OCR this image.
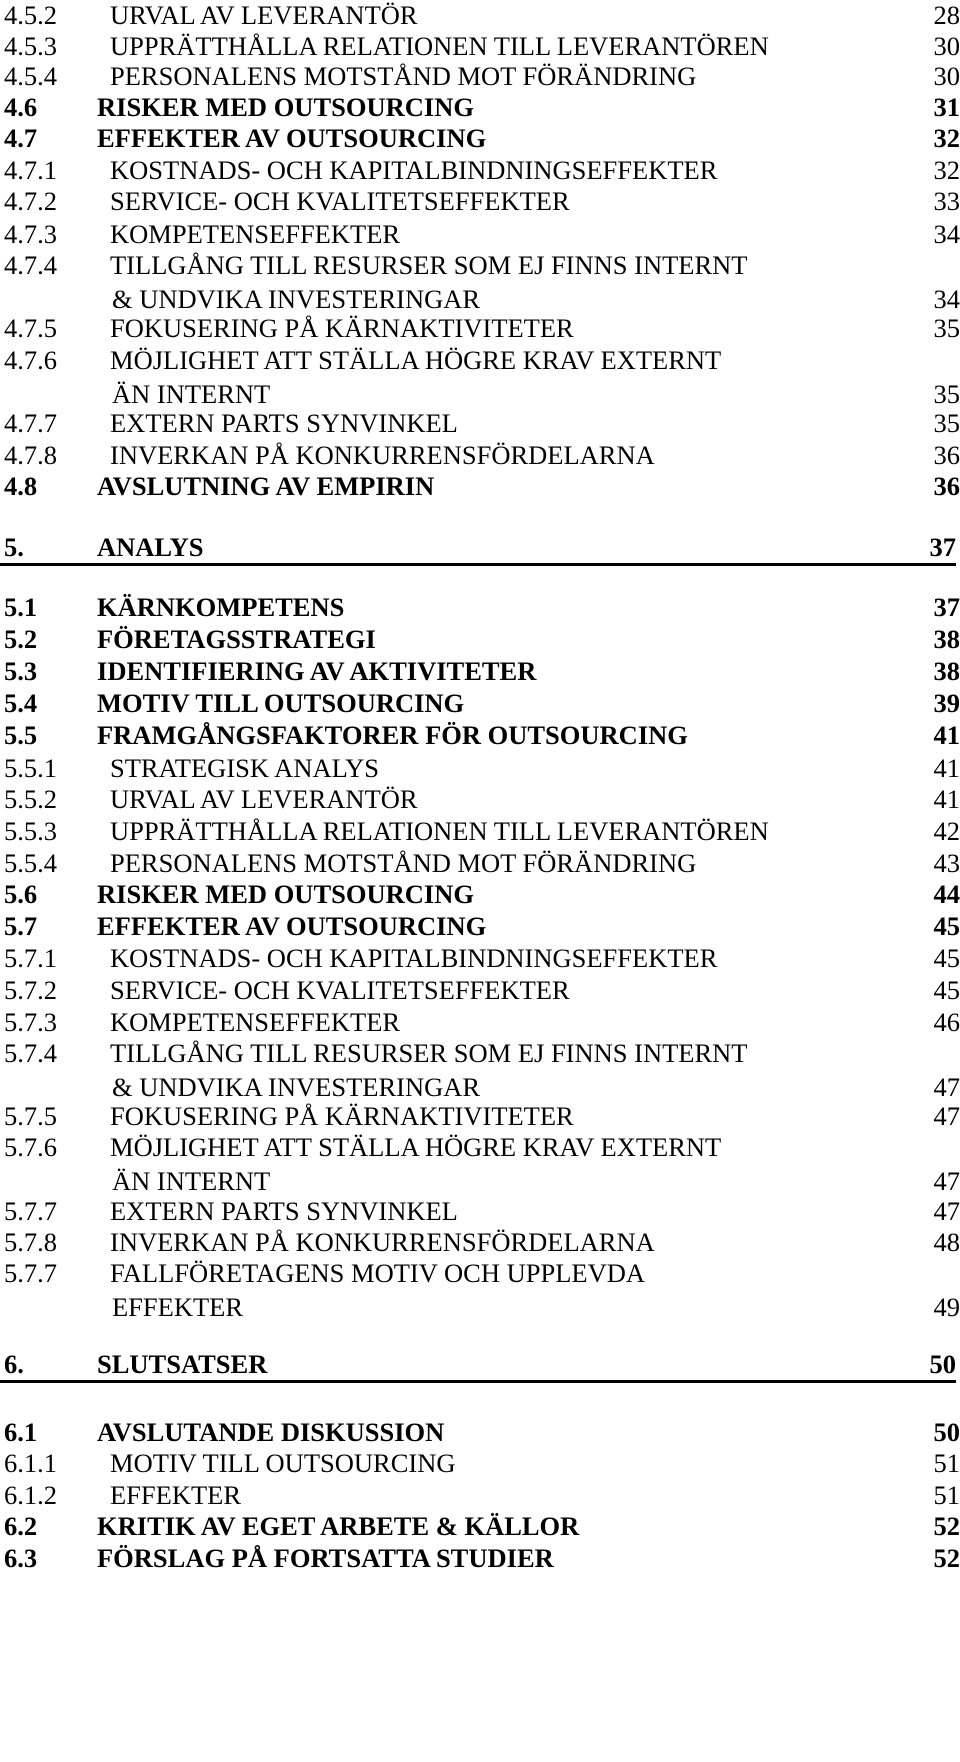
4.5.2 URVAL AV LEVERANTÖR	28
4.5.3 UPPRÄTTHÅLLA RELATIONEN TILL LEVERANTÖREN	30
4.5.4 PERSONALENS MOTSTÅND MOT FÖRÄNDRING	30
4.6 RISKER MED OUTSOURCING	31
4.7 EFFEKTER AV OUTSOURCING	32
4.7.1 KOSTNADS- OCH KAPITALBINDNINGSEFFEKTER	32
4.7.2 SERVICE- OCH KVALITETSEFFEKTER	33
4.7.3 KOMPETENSEFFEKTER	34
4.7.4 TILLGÅNG TILL RESURSER SOM EJ FINNS INTERNT
& UNDVIKA INVESTERINGAR	34
4.7.5 FOKUSERING PÅ KÄRNAKTIVITETER	35
4.7.6 MÖJLIGHET ATT STÄLLA HÖGRE KRAV EXTERNT
ÄN INTERNT	35
4.7.7 EXTERN PARTS SYNVINKEL	35
4.7.8 INVERKAN PÅ KONKURRENSFÖRDELARNA	36
4.8 AVSLUTNING AV EMPIRIN	36
5.	ANALYS	37
5.1 KÄRNKOMPETENS	37
5.2 FÖRETAGSSTRATEGI	38
5.3 IDENTIFIERING AV AKTIVITETER	38
5.4 MOTIV TILL OUTSOURCING	39
5.5 FRAMGÅNGSFAKTORER FÖR OUTSOURCING	41
5.5.1 STRATEGISK ANALYS	41
5.5.2 URVAL AV LEVERANTÖR	41
5.5.3 UPPRÄTTHÅLLA RELATIONEN TILL LEVERANTÖREN	42
5.5.4 PERSONALENS MOTSTÅND MOT FÖRÄNDRING	43
5.6 RISKER MED OUTSOURCING	44
5.7 EFFEKTER AV OUTSOURCING	45
5.7.1 KOSTNADS- OCH KAPITALBINDNINGSEFFEKTER	45
5.7.2 SERVICE- OCH KVALITETSEFFEKTER	45
5.7.3 KOMPETENSEFFEKTER	46
5.7.4 TILLGÅNG TILL RESURSER SOM EJ FINNS INTERNT
& UNDVIKA INVESTERINGAR	47
5.7.5 FOKUSERING PÅ KÄRNAKTIVITETER	47
5.7.6 MÖJLIGHET ATT STÄLLA HÖGRE KRAV EXTERNT
ÄN INTERNT	47
5.7.7 EXTERN PARTS SYNVINKEL	47
5.7.8 INVERKAN PÅ KONKURRENSFÖRDELARNA	48
5.7.7 FALLFÖRETAGENS MOTIV OCH UPPLEVDA
EFFEKTER	49
6.	SLUTSATSER	50
6.1 AVSLUTANDE DISKUSSION	50
6.1.1 MOTIV TILL OUTSOURCING	51
6.1.2 EFFEKTER	51
6.2 KRITIK AV EGET ARBETE & KÄLLOR	52
6.3 FÖRSLAG PÅ FORTSATTA STUDIER	52
